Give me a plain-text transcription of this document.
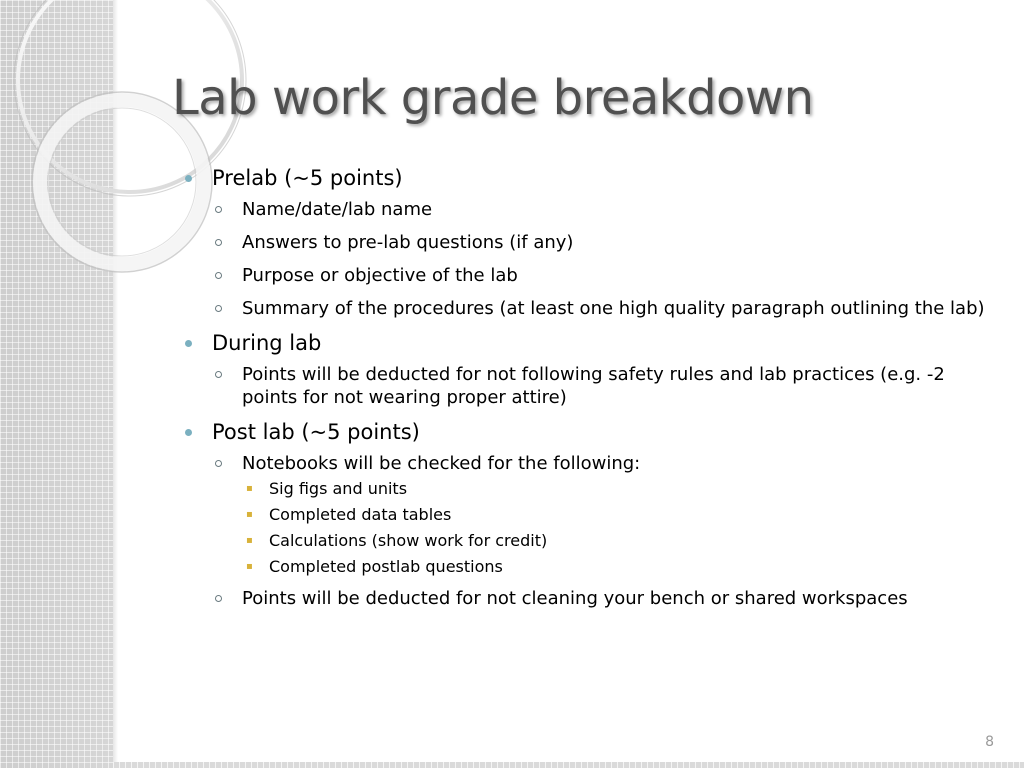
Lab work grade breakdown
Prelab (~5 points)
Name/date/lab name
Answers to pre-lab questions (if any)
Purpose or objective of the lab
Summary of the procedures (at least one high quality paragraph outlining the lab)
During lab
Points will be deducted for not following safety rules and lab practices (e.g. -2 points for not wearing proper attire)
Post lab (~5 points)
Notebooks will be checked for the following:
▪ Sig figs and units
▪ Completed data tables
▪ Calculations (show work for credit)
▪ Completed postlab questions
Points will be deducted for not cleaning your bench or shared workspaces
8
